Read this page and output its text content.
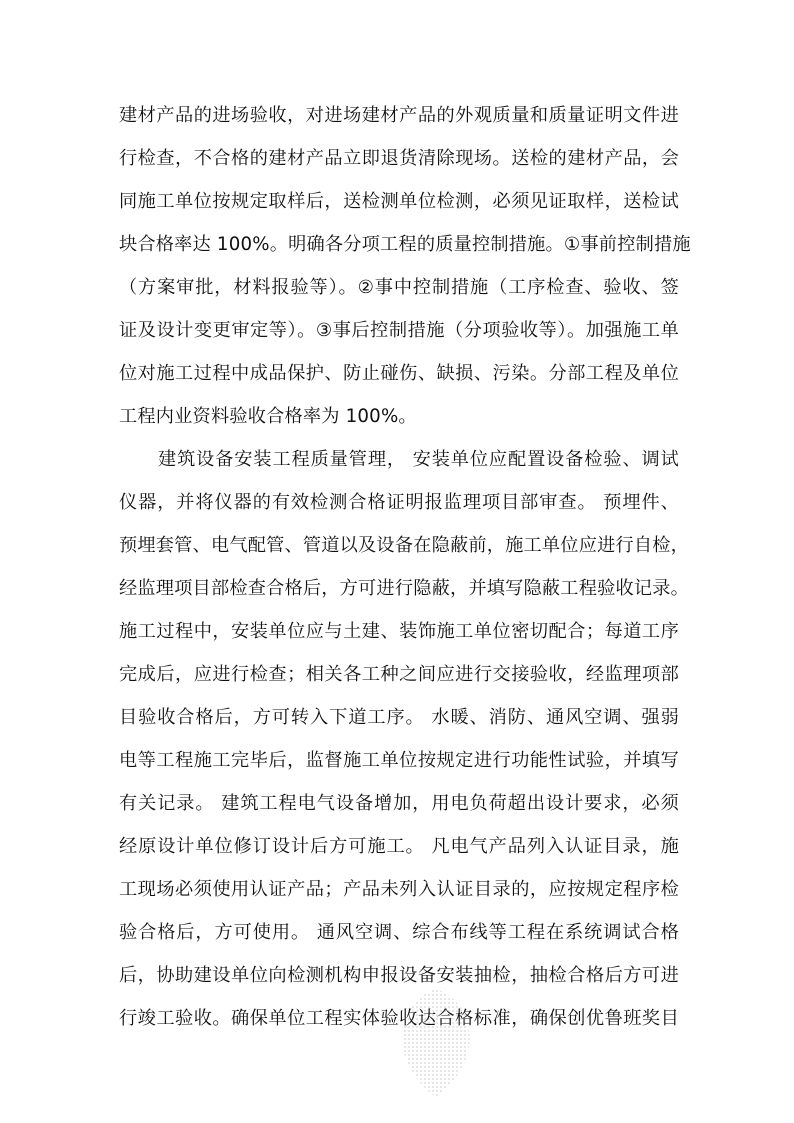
建材产品的进场验收，对进场建材产品的外观质量和质量证明文件进
行检查，不合格的建材产品立即退货清除现场。送检的建材产品，会
同施工单位按规定取样后，送检测单位检测，必须见证取样，送检试
块合格率达 100%。明确各分项工程的质量控制措施。①事前控制措施
（方案审批，材料报验等）。②事中控制措施（工序检查、验收、签
证及设计变更审定等）。③事后控制措施（分项验收等）。加强施工单
位对施工过程中成品保护、防止碰伤、缺损、污染。分部工程及单位
工程内业资料验收合格率为 100%。
建筑设备安装工程质量管理， 安装单位应配置设备检验、调试
仪器，并将仪器的有效检测合格证明报监理项目部审查。 预埋件、
预埋套管、电气配管、管道以及设备在隐蔽前，施工单位应进行自检，
经监理项目部检查合格后，方可进行隐蔽，并填写隐蔽工程验收记录。
施工过程中，安装单位应与土建、装饰施工单位密切配合；每道工序
完成后，应进行检查；相关各工种之间应进行交接验收，经监理项部
目验收合格后，方可转入下道工序。 水暖、消防、通风空调、强弱
电等工程施工完毕后，监督施工单位按规定进行功能性试验，并填写
有关记录。 建筑工程电气设备增加，用电负荷超出设计要求，必须
经原设计单位修订设计后方可施工。 凡电气产品列入认证目录，施
工现场必须使用认证产品；产品未列入认证目录的，应按规定程序检
验合格后，方可使用。 通风空调、综合布线等工程在系统调试合格
后，协助建设单位向检测机构申报设备安装抽检，抽检合格后方可进
行竣工验收。确保单位工程实体验收达合格标准，确保创优鲁班奖目
